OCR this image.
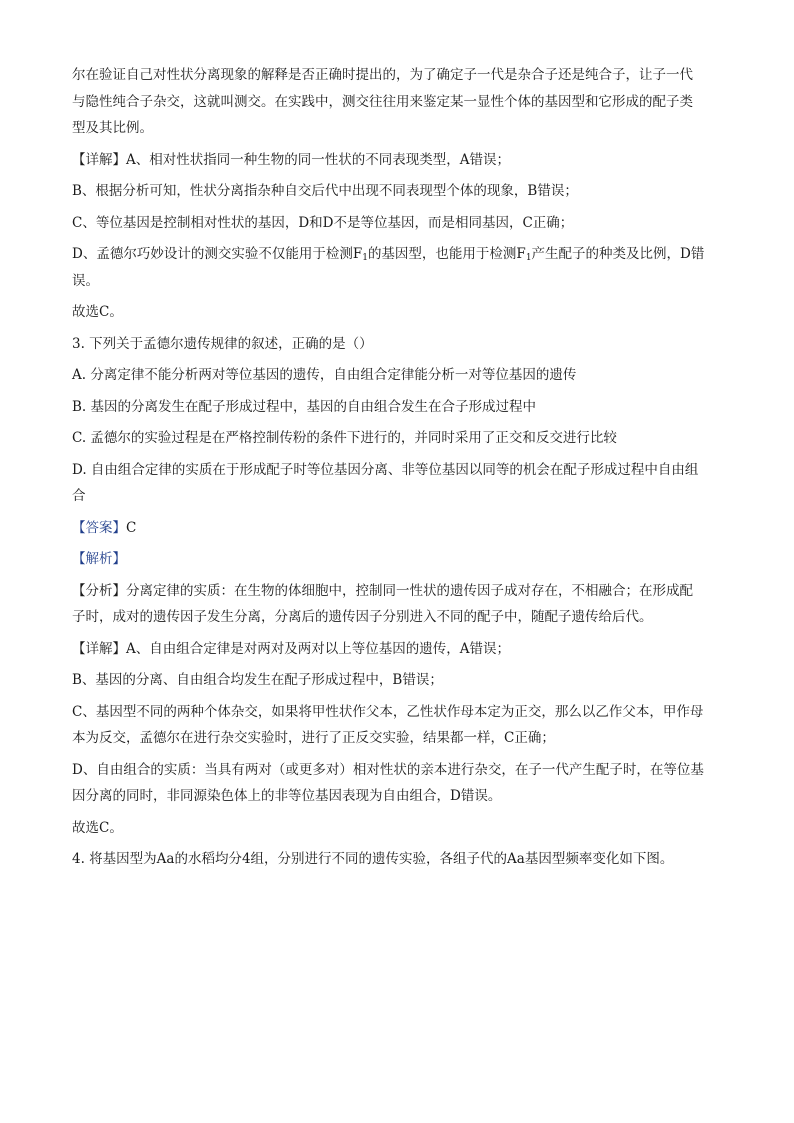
尔在验证自己对性状分离现象的解释是否正确时提出的，为了确定子一代是杂合子还是纯合子，让子一代
与隐性纯合子杂交，这就叫测交。在实践中，测交往往用来鉴定某一显性个体的基因型和它形成的配子类
型及其比例。
【详解】A、相对性状指同一种生物的同一性状的不同表现类型，A错误；
B、根据分析可知，性状分离指杂种自交后代中出现不同表现型个体的现象，B错误；
C、等位基因是控制相对性状的基因，D和D不是等位基因，而是相同基因，C正确；
D、孟德尔巧妙设计的测交实验不仅能用于检测$F_1$的基因型，也能用于检测$F_1$产生配子的种类及比例，D错
误。
故选C。
3. 下列关于孟德尔遗传规律的叙述，正确的是（）
A. 分离定律不能分析两对等位基因的遗传，自由组合定律能分析一对等位基因的遗传
B. 基因的分离发生在配子形成过程中，基因的自由组合发生在合子形成过程中
C. 孟德尔的实验过程是在严格控制传粉的条件下进行的，并同时采用了正交和反交进行比较
D. 自由组合定律的实质在于形成配子时等位基因分离、非等位基因以同等的机会在配子形成过程中自由组
合
【答案】C
【解析】
【分析】分离定律的实质：在生物的体细胞中，控制同一性状的遗传因子成对存在，不相融合；在形成配
子时，成对的遗传因子发生分离，分离后的遗传因子分别进入不同的配子中，随配子遗传给后代。
【详解】A、自由组合定律是对两对及两对以上等位基因的遗传，A错误；
B、基因的分离、自由组合均发生在配子形成过程中，B错误；
C、基因型不同的两种个体杂交，如果将甲性状作父本，乙性状作母本定为正交，那么以乙作父本，甲作母
本为反交，孟德尔在进行杂交实验时，进行了正反交实验，结果都一样，C正确；
D、自由组合的实质：当具有两对（或更多对）相对性状的亲本进行杂交，在子一代产生配子时，在等位基
因分离的同时，非同源染色体上的非等位基因表现为自由组合，D错误。
故选C。
4. 将基因型为Aa的水稻均分4组，分别进行不同的遗传实验，各组子代的Aa基因型频率变化如下图。
